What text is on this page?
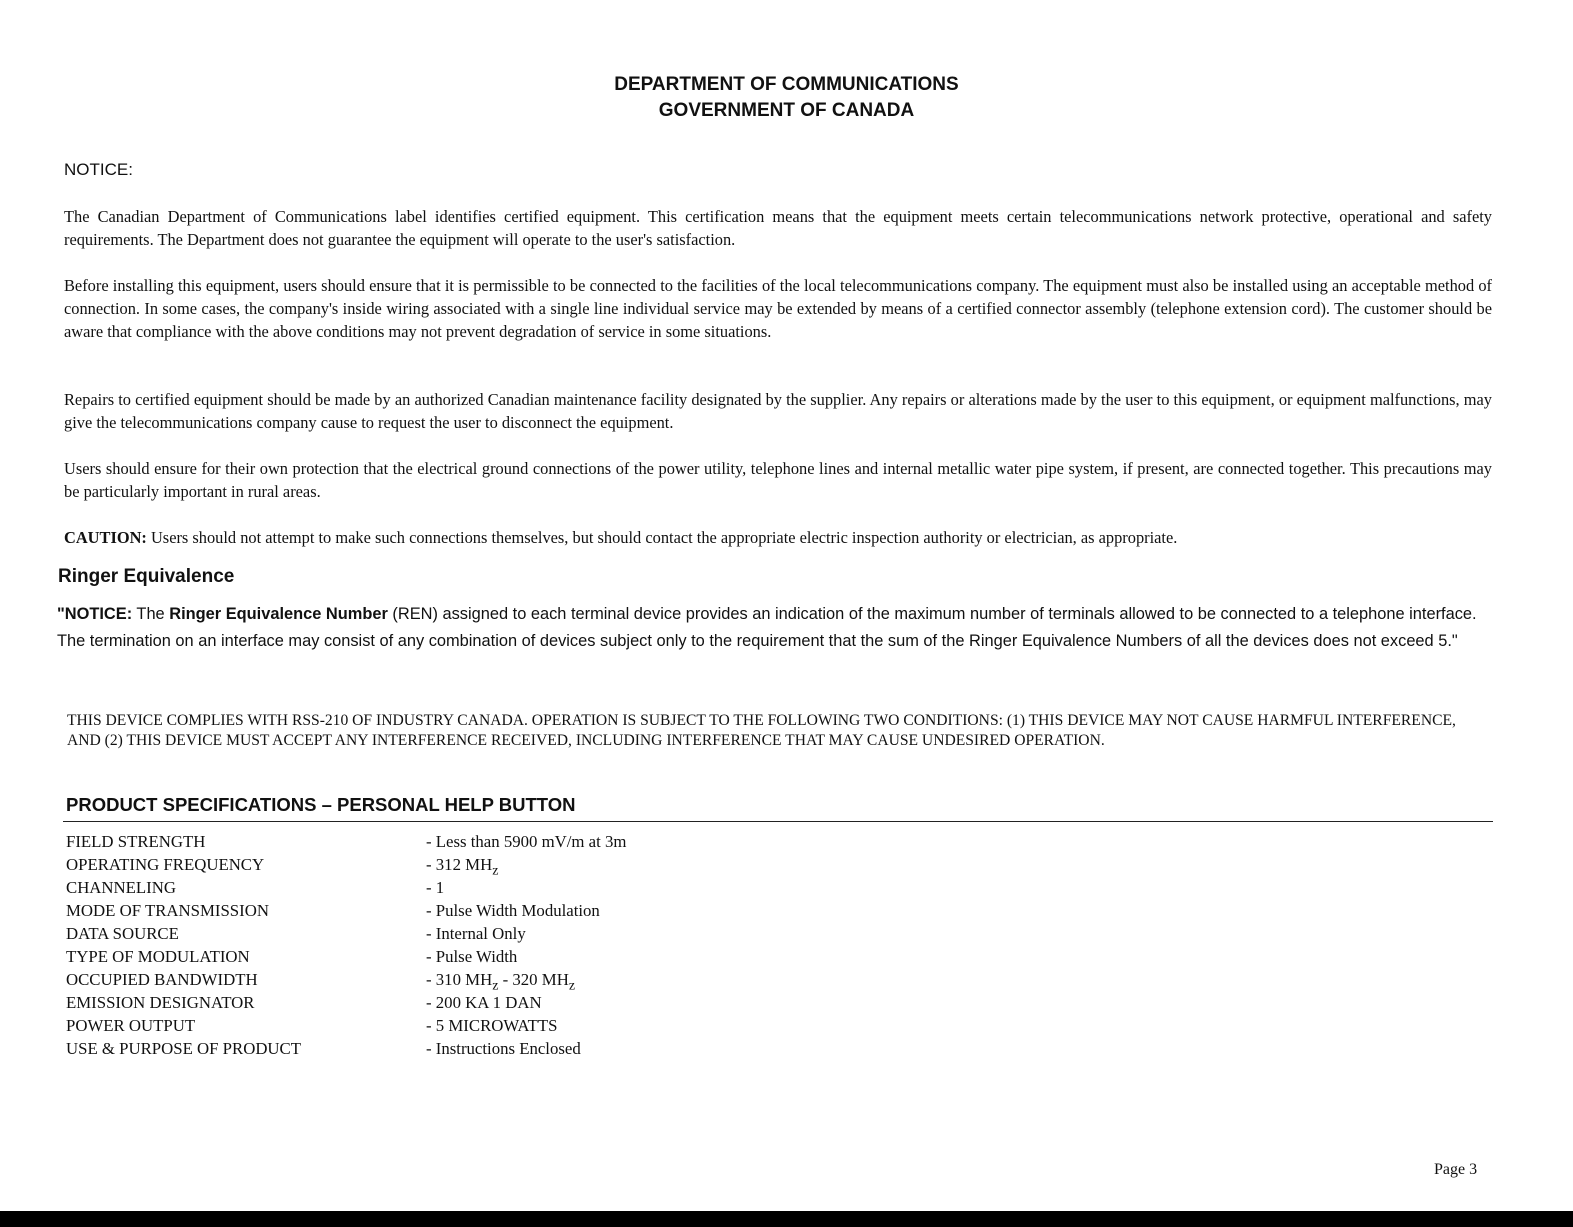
DEPARTMENT OF COMMUNICATIONS
GOVERNMENT OF CANADA
NOTICE:

The Canadian Department of Communications label identifies certified equipment. This certification means that the equipment meets certain telecommunications network protective, operational and safety requirements. The Department does not guarantee the equipment will operate to the user's satisfaction.

Before installing this equipment, users should ensure that it is permissible to be connected to the facilities of the local telecommunications company. The equipment must also be installed using an acceptable method of connection. In some cases, the company's inside wiring associated with a single line individual service may be extended by means of a certified connector assembly (telephone extension cord). The customer should be aware that compliance with the above conditions may not prevent degradation of service in some situations.

Repairs to certified equipment should be made by an authorized Canadian maintenance facility designated by the supplier. Any repairs or alterations made by the user to this equipment, or equipment malfunctions, may give the telecommunications company cause to request the user to disconnect the equipment.

Users should ensure for their own protection that the electrical ground connections of the power utility, telephone lines and internal metallic water pipe system, if present, are connected together. This precautions may be particularly important in rural areas.

CAUTION: Users should not attempt to make such connections themselves, but should contact the appropriate electric inspection authority or electrician, as appropriate.

Ringer Equivalence

"NOTICE: The Ringer Equivalence Number (REN) assigned to each terminal device provides an indication of the maximum number of terminals allowed to be connected to a telephone interface. The termination on an interface may consist of any combination of devices subject only to the requirement that the sum of the Ringer Equivalence Numbers of all the devices does not exceed 5."

THIS DEVICE COMPLIES WITH RSS-210 OF INDUSTRY CANADA. OPERATION IS SUBJECT TO THE FOLLOWING TWO CONDITIONS: (1) THIS DEVICE MAY NOT CAUSE HARMFUL INTERFERENCE, AND (2) THIS DEVICE MUST ACCEPT ANY INTERFERENCE RECEIVED, INCLUDING INTERFERENCE THAT MAY CAUSE UNDESIRED OPERATION.

PRODUCT SPECIFICATIONS – PERSONAL HELP BUTTON
FIELD STRENGTH	- Less than 5900 mV/m at 3m
OPERATING FREQUENCY	- 312 $MH_z$
CHANNELING	- 1
MODE OF TRANSMISSION	- Pulse Width Modulation
DATA SOURCE	- Internal Only
TYPE OF MODULATION	- Pulse Width
OCCUPIED BANDWIDTH	- 310 $MH_z - 320$ $MH_z$
EMISSION DESIGNATOR	- 200 KA 1 DAN
POWER OUTPUT	- 5 MICROWATTS
USE & PURPOSE OF PRODUCT	- Instructions Enclosed
Page 3
